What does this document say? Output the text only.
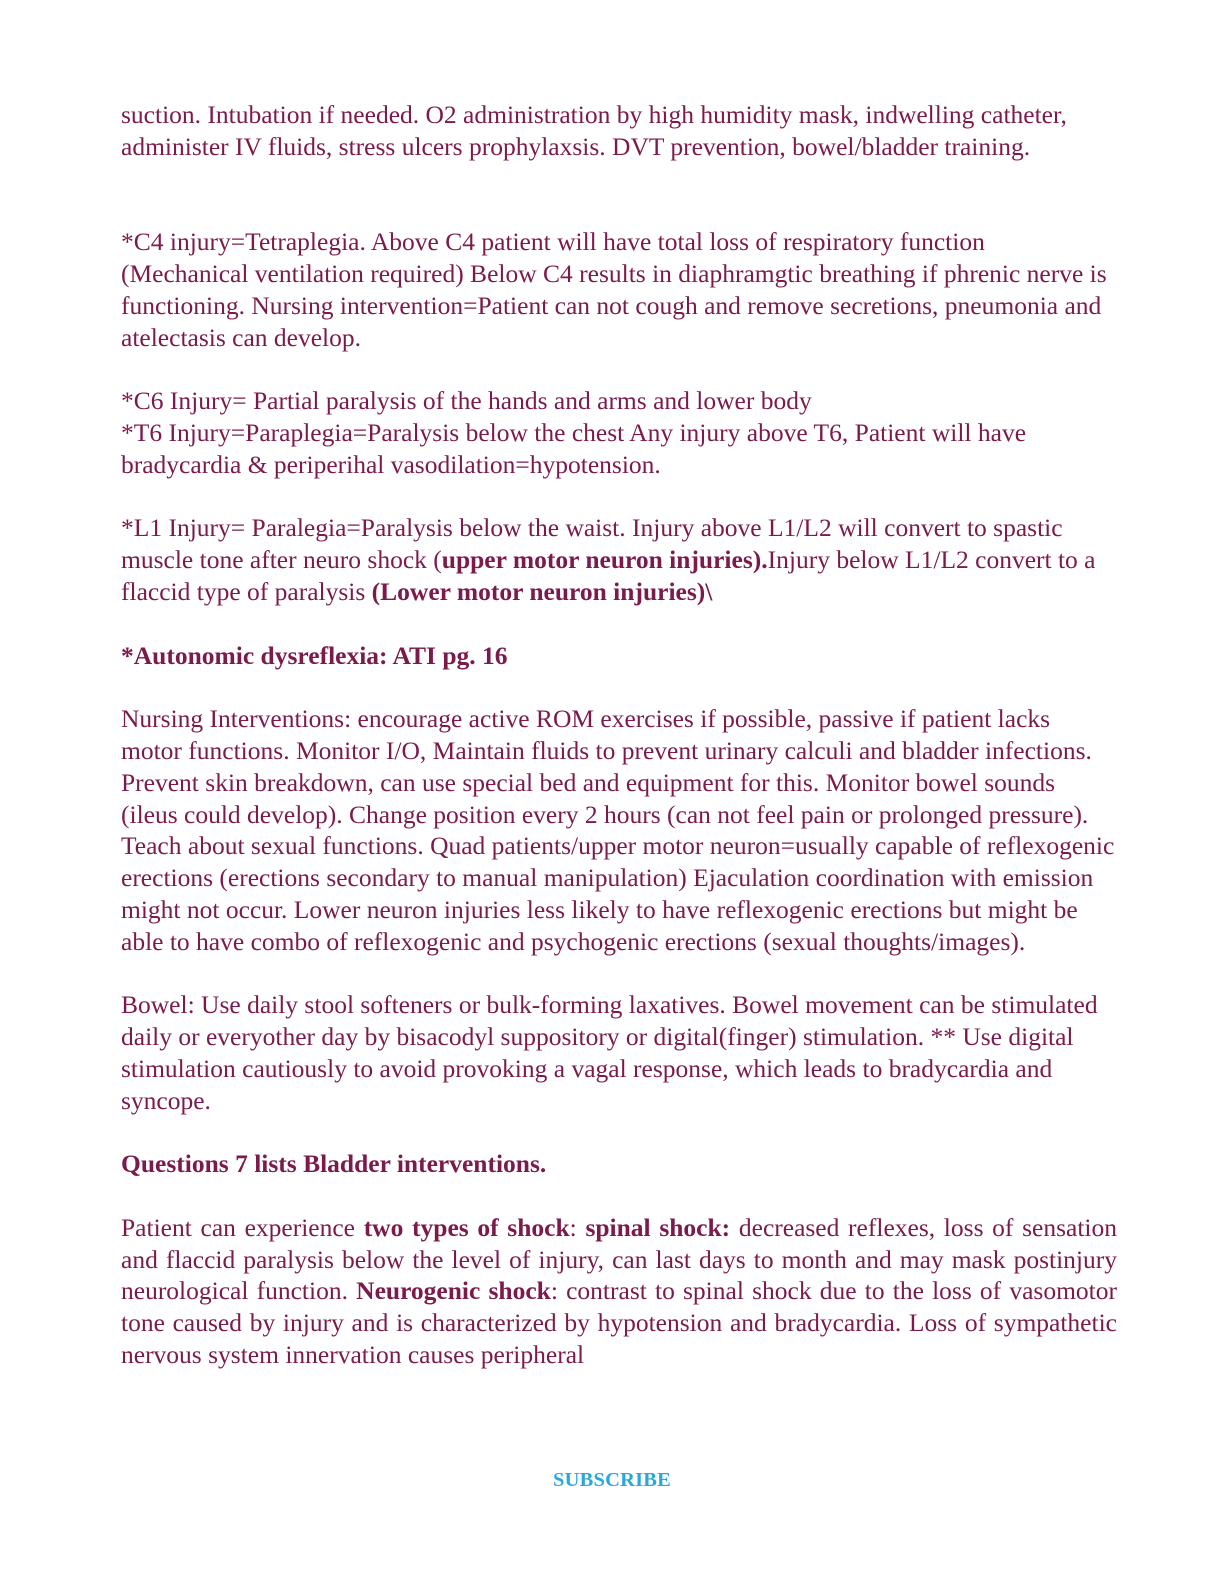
suction. Intubation if needed. O2 administration by high humidity mask, indwelling catheter, administer IV fluids, stress ulcers prophylaxsis. DVT prevention, bowel/bladder training.

*C4 injury=Tetraplegia. Above C4 patient will have total loss of respiratory function (Mechanical ventilation required) Below C4 results in diaphramgtic breathing if phrenic nerve is functioning. Nursing intervention=Patient can not cough and remove secretions, pneumonia and atelectasis can develop.

*C6 Injury= Partial paralysis of the hands and arms and lower body
*T6 Injury=Paraplegia=Paralysis below the chest Any injury above T6, Patient will have bradycardia & periperihal vasodilation=hypotension.

*L1 Injury= Paralegia=Paralysis below the waist. Injury above L1/L2 will convert to spastic muscle tone after neuro shock (upper motor neuron injuries).Injury below L1/L2 convert to a flaccid type of paralysis (Lower motor neuron injuries)\

*Autonomic dysreflexia: ATI pg. 16

Nursing Interventions: encourage active ROM exercises if possible, passive if patient lacks motor functions. Monitor I/O, Maintain fluids to prevent urinary calculi and bladder infections. Prevent skin breakdown, can use special bed and equipment for this. Monitor bowel sounds (ileus could develop). Change position every 2 hours (can not feel pain or prolonged pressure). Teach about sexual functions. Quad patients/upper motor neuron=usually capable of reflexogenic erections (erections secondary to manual manipulation) Ejaculation coordination with emission might not occur. Lower neuron injuries less likely to have reflexogenic erections but might be able to have combo of reflexogenic and psychogenic erections (sexual thoughts/images).

Bowel: Use daily stool softeners or bulk-forming laxatives. Bowel movement can be stimulated daily or everyother day by bisacodyl suppository or digital(finger) stimulation. ** Use digital stimulation cautiously to avoid provoking a vagal response, which leads to bradycardia and syncope.

Questions 7 lists Bladder interventions.

Patient can experience two types of shock: spinal shock: decreased reflexes, loss of sensation and flaccid paralysis below the level of injury, can last days to month and may mask postinjury neurological function. Neurogenic shock: contrast to spinal shock due to the loss of vasomotor tone caused by injury and is characterized by hypotension and bradycardia. Loss of sympathetic nervous system innervation causes peripheral

SUBSCRIBE
